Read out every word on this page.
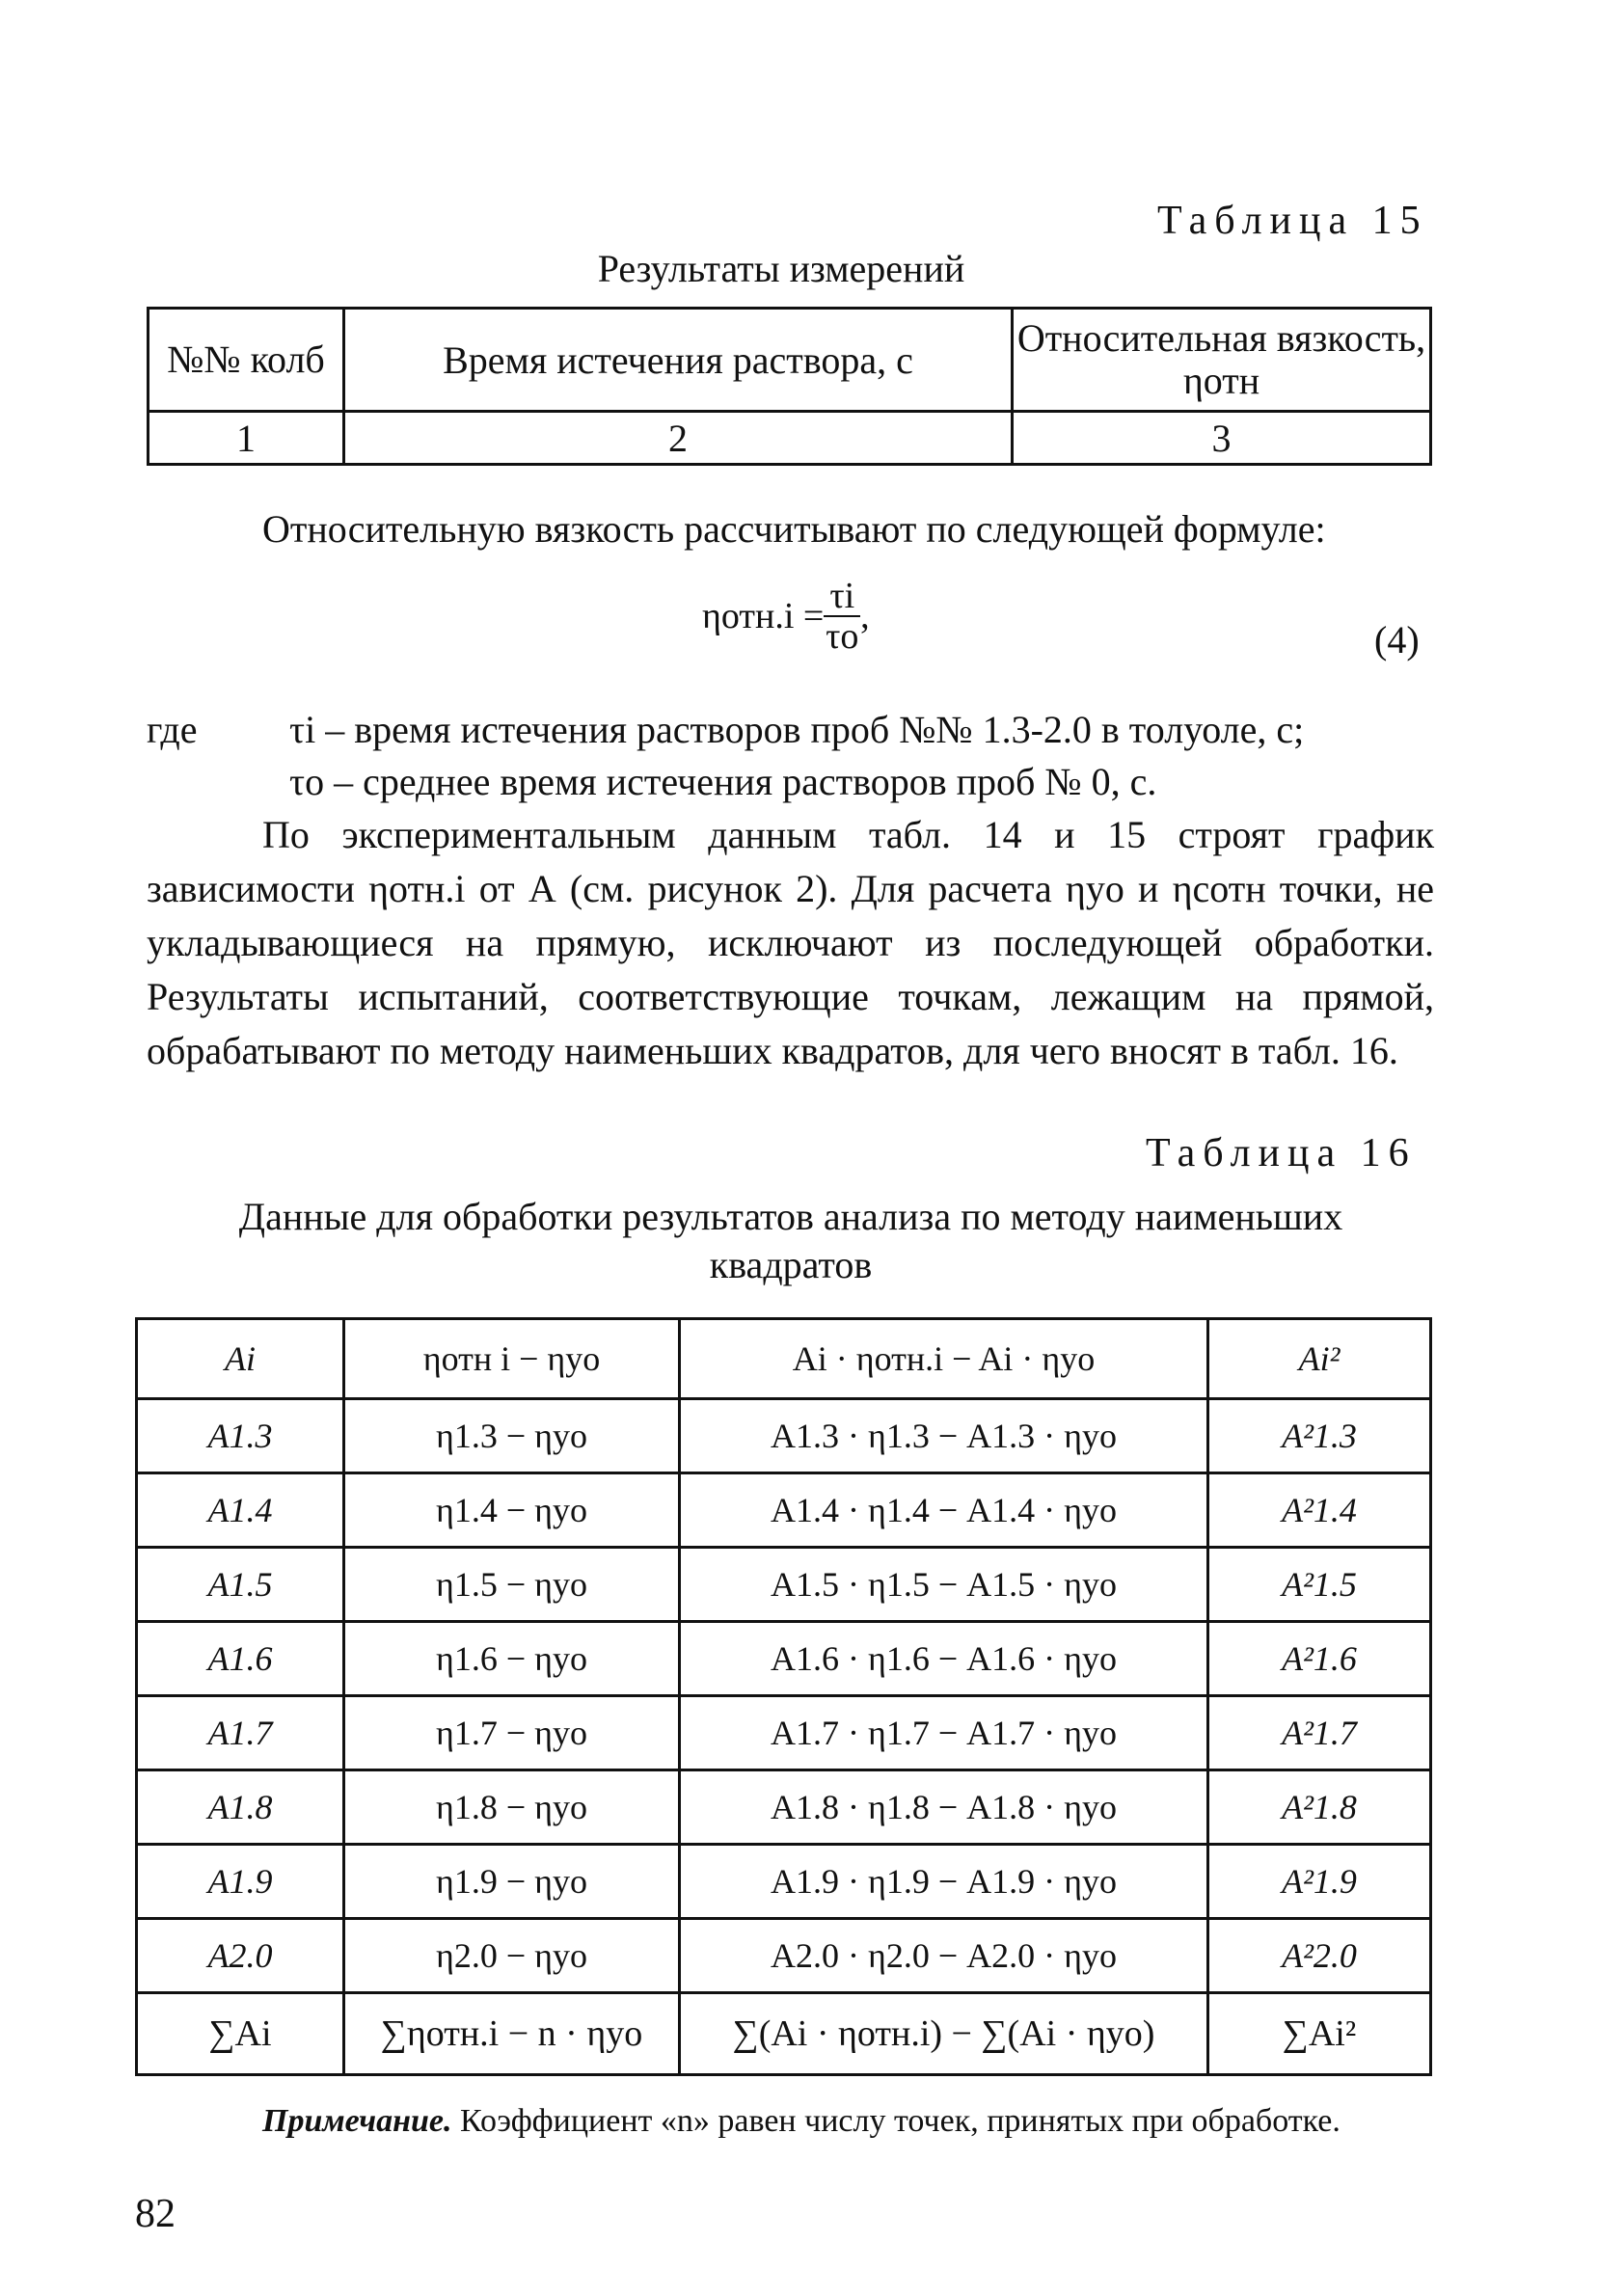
Таблица 15
Результаты измерений
№№ колб	Время истечения раствора, с	Относительная вязкость, ηотн
1	2	3
Относительную вязкость рассчитывают по следующей формуле:
$\eta отн.i = \frac{\tau i}{\tau o}$ ,
(4)
где τi – время истечения растворов проб №№ 1.3-2.0 в толуоле, с;
τo – среднее время истечения растворов проб № 0, с.
По экспериментальным данным табл. 14 и 15 строят график зависимости ηотн.i от А (см. рисунок 2). Для расчета ηyo и ηcотн точки, не укладывающиеся на прямую, исключают из последующей обработки. Результаты испытаний, соответствующие точкам, лежащим на прямой, обрабатывают по методу наименьших квадратов, для чего вносят в табл. 16.
Таблица 16
Данные для обработки результатов анализа по методу наименьших
квадратов
Ai	ηотн i − ηyo	Ai · ηотн.i − Ai · ηyo	Ai²
A1.3	η1.3 − ηyo	A1.3 · η1.3 − A1.3 · ηyo	A²1.3
A1.4	η1.4 − ηyo	A1.4 · η1.4 − A1.4 · ηyo	A²1.4
A1.5	η1.5 − ηyo	A1.5 · η1.5 − A1.5 · ηyo	A²1.5
A1.6	η1.6 − ηyo	A1.6 · η1.6 − A1.6 · ηyo	A²1.6
A1.7	η1.7 − ηyo	A1.7 · η1.7 − A1.7 · ηyo	A²1.7
A1.8	η1.8 − ηyo	A1.8 · η1.8 − A1.8 · ηyo	A²1.8
A1.9	η1.9 − ηyo	A1.9 · η1.9 − A1.9 · ηyo	A²1.9
A2.0	η2.0 − ηyo	A2.0 · η2.0 − A2.0 · ηyo	A²2.0
∑Ai	∑ηотн.i − n · ηyo	∑(Ai · ηотн.i) − ∑(Ai · ηyo)	∑Ai²
Примечание. Коэффициент «n» равен числу точек, принятых при обработке.
82
